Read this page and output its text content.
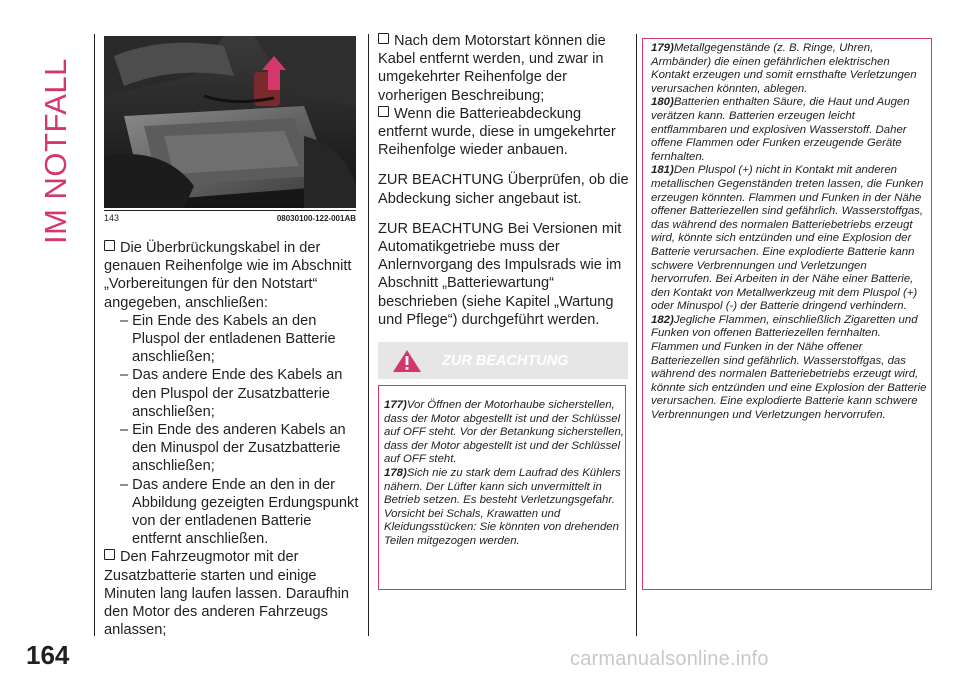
IM NOTFALL	143	08030100-122-001AB

Die Überbrückungskabel in der genauen Reihenfolge wie im Abschnitt „Vorbereitungen für den Notstart“ angegeben, anschließen:

– Ein Ende des Kabels an den Pluspol der entladenen Batterie anschließen;

– Das andere Ende des Kabels an den Pluspol der Zusatzbatterie anschließen;

– Ein Ende des anderen Kabels an den Minuspol der Zusatzbatterie anschließen;

– Das andere Ende an den in der Abbildung gezeigten Erdungspunkt von der entladenen Batterie entfernt anschließen.

Den Fahrzeugmotor mit der Zusatzbatterie starten und einige Minuten lang laufen lassen. Daraufhin den Motor des anderen Fahrzeugs anlassen;

Nach dem Motorstart können die Kabel entfernt werden, und zwar in umgekehrter Reihenfolge der vorherigen Beschreibung;

Wenn die Batterieabdeckung entfernt wurde, diese in umgekehrter Reihenfolge wieder anbauen.

ZUR BEACHTUNG Überprüfen, ob die Abdeckung sicher angebaut ist.

ZUR BEACHTUNG Bei Versionen mit Automatikgetriebe muss der Anlernvorgang des Impulsrads wie im Abschnitt „Batteriewartung“ beschrieben (siehe Kapitel „Wartung und Pflege“) durchgeführt werden.

ZUR BEACHTUNG

177)Vor Öffnen der Motorhaube sicherstellen, dass der Motor abgestellt ist und der Schlüssel auf OFF steht. Vor der Betankung sicherstellen, dass der Motor abgestellt ist und der Schlüssel auf OFF steht.

178)Sich nie zu stark dem Laufrad des Kühlers nähern. Der Lüfter kann sich unvermittelt in Betrieb setzen. Es besteht Verletzungsgefahr. Vorsicht bei Schals, Krawatten und Kleidungsstücken: Sie könnten von drehenden Teilen mitgezogen werden.

179)Metallgegenstände (z. B. Ringe, Uhren, Armbänder) die einen gefährlichen elektrischen Kontakt erzeugen und somit ernsthafte Verletzungen verursachen könnten, ablegen.

180)Batterien enthalten Säure, die Haut und Augen verätzen kann. Batterien erzeugen leicht entflammbaren und explosiven Wasserstoff. Daher offene Flammen oder Funken erzeugende Geräte fernhalten.

181)Den Pluspol (+) nicht in Kontakt mit anderen metallischen Gegenständen treten lassen, die Funken erzeugen könnten. Flammen und Funken in der Nähe offener Batteriezellen sind gefährlich. Wasserstoffgas, das während des normalen Batteriebetriebs erzeugt wird, könnte sich entzünden und eine Explosion der Batterie verursachen. Eine explodierte Batterie kann schwere Verbrennungen und Verletzungen hervorrufen. Bei Arbeiten in der Nähe einer Batterie, den Kontakt von Metallwerkzeug mit dem Pluspol (+) oder Minuspol (-) der Batterie dringend verhindern.

182)Jegliche Flammen, einschließlich Zigaretten und Funken von offenen Batteriezellen fernhalten. Flammen und Funken in der Nähe offener Batteriezellen sind gefährlich. Wasserstoffgas, das während des normalen Batteriebetriebs erzeugt wird, könnte sich entzünden und eine Explosion der Batterie verursachen. Eine explodierte Batterie kann schwere Verbrennungen und Verletzungen hervorrufen.

164	carmanualsonline.info
